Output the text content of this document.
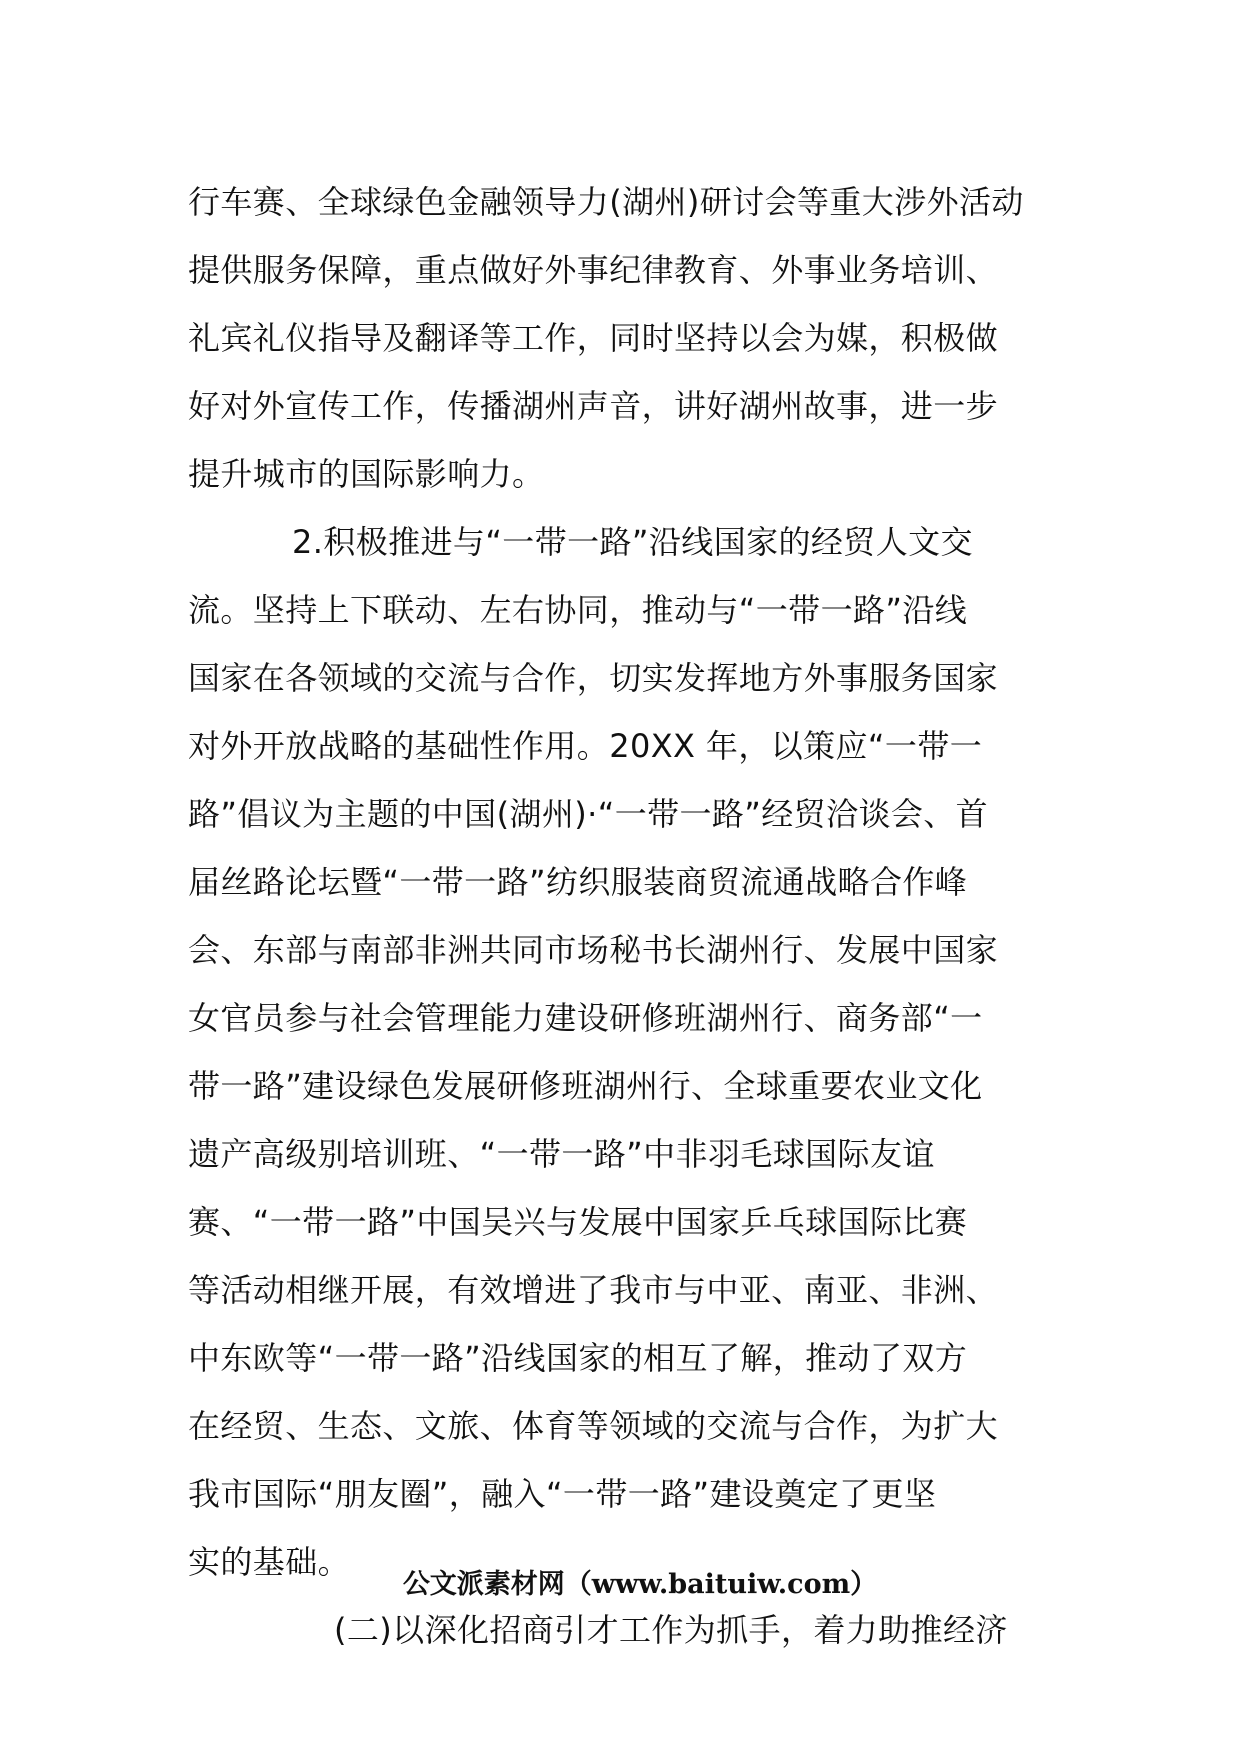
行车赛、全球绿色金融领导力(湖州)研讨会等重大涉外活动
提供服务保障，重点做好外事纪律教育、外事业务培训、
礼宾礼仪指导及翻译等工作，同时坚持以会为媒，积极做
好对外宣传工作，传播湖州声音，讲好湖州故事，进一步
提升城市的国际影响力。
2.积极推进与“一带一路”沿线国家的经贸人文交
流。坚持上下联动、左右协同，推动与“一带一路”沿线
国家在各领域的交流与合作，切实发挥地方外事服务国家
对外开放战略的基础性作用。20XX 年，以策应“一带一
路”倡议为主题的中国(湖州)·“一带一路”经贸洽谈会、首
届丝路论坛暨“一带一路”纺织服装商贸流通战略合作峰
会、东部与南部非洲共同市场秘书长湖州行、发展中国家
女官员参与社会管理能力建设研修班湖州行、商务部“一
带一路”建设绿色发展研修班湖州行、全球重要农业文化
遗产高级别培训班、“一带一路”中非羽毛球国际友谊
赛、“一带一路”中国吴兴与发展中国家乒乓球国际比赛
等活动相继开展，有效增进了我市与中亚、南亚、非洲、
中东欧等“一带一路”沿线国家的相互了解，推动了双方
在经贸、生态、文旅、体育等领域的交流与合作，为扩大
我市国际“朋友圈”，融入“一带一路”建设奠定了更坚
实的基础。
(二)以深化招商引才工作为抓手，着力助推经济
公文派素材网（www.baituiw.com）
